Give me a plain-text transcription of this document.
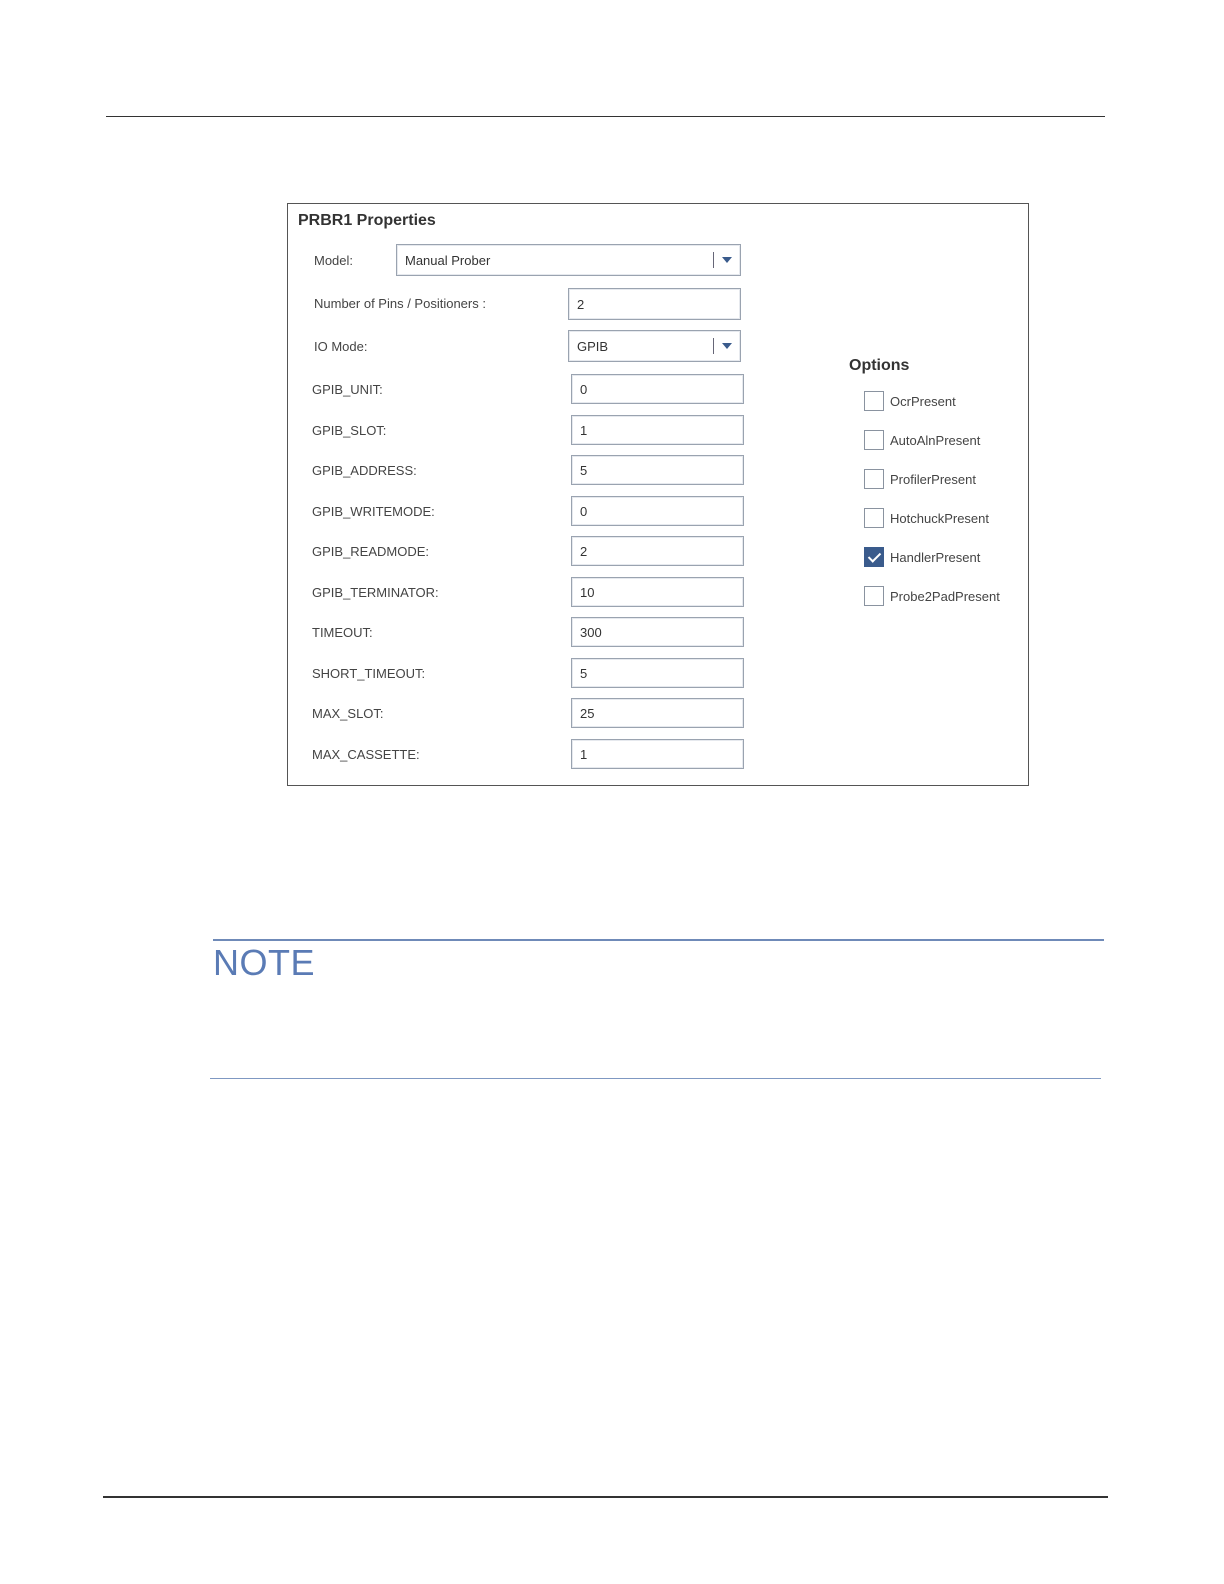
PRBR1 Properties
Model:	Manual Prober
Number of Pins / Positioners :	2
IO Mode:	GPIB
GPIB_UNIT:	0
GPIB_SLOT:	1
GPIB_ADDRESS:	5
GPIB_WRITEMODE:	0
GPIB_READMODE:	2
GPIB_TERMINATOR:	10
TIMEOUT:	300
SHORT_TIMEOUT:	5
MAX_SLOT:	25
MAX_CASSETTE:	1
Options
OcrPresent
AutoAlnPresent
ProfilerPresent
HotchuckPresent
HandlerPresent
Probe2PadPresent
NOTE
